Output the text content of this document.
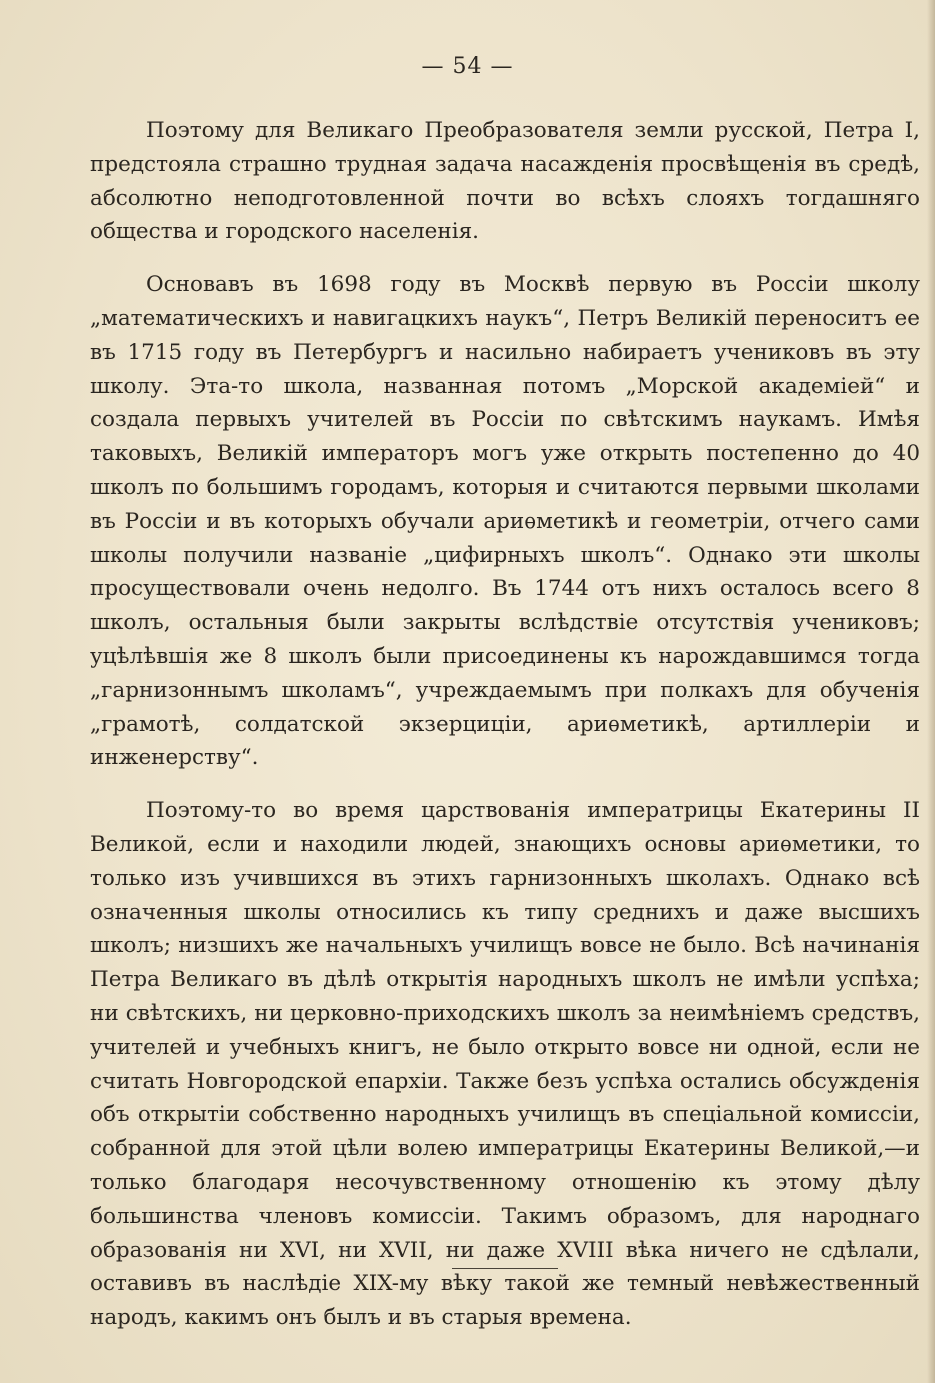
— 54 —

Поэтому для Великаго Преобразователя земли русской, Петра I, предстояла страшно трудная задача насажденія просвѣщенія въ средѣ, абсолютно неподготовленной почти во всѣхъ слояхъ тогдашняго общества и городского населенія.

Основавъ въ 1698 году въ Москвѣ первую въ Россіи школу „математическихъ и навигацкихъ наукъ“, Петръ Великій переноситъ ее въ 1715 году въ Петербургъ и насильно набираетъ учениковъ въ эту школу. Эта-то школа, названная потомъ „Морской академіей“ и создала первыхъ учителей въ Россіи по свѣтскимъ наукамъ. Имѣя таковыхъ, Великій императоръ могъ уже открыть постепенно до 40 школъ по большимъ городамъ, которыя и считаются первыми школами въ Россіи и въ которыхъ обучали ариѳметикѣ и геометріи, отчего сами школы получили названіе „цифирныхъ школъ“. Однако эти школы просуществовали очень недолго. Въ 1744 отъ нихъ осталось всего 8 школъ, остальныя были закрыты вслѣдствіе отсутствія учениковъ; уцѣлѣвшія же 8 школъ были присоединены къ нарождавшимся тогда „гарнизоннымъ школамъ“, учреждаемымъ при полкахъ для обученія „грамотѣ, солдатской экзерциціи, ариѳметикѣ, артиллеріи и инженерству“.

Поэтому-то во время царствованія императрицы Екатерины II Великой, если и находили людей, знающихъ основы ариѳметики, то только изъ учившихся въ этихъ гарнизонныхъ школахъ. Однако всѣ означенныя школы относились къ типу среднихъ и даже высшихъ школъ; низшихъ же начальныхъ училищъ вовсе не было. Всѣ начинанія Петра Великаго въ дѣлѣ открытія народныхъ школъ не имѣли успѣха; ни свѣтскихъ, ни церковно-приходскихъ школъ за неимѣніемъ средствъ, учителей и учебныхъ книгъ, не было открыто вовсе ни одной, если не считать Новгородской епархіи. Также безъ успѣха остались обсужденія объ открытіи собственно народныхъ училищъ въ спеціальной комиссіи, собранной для этой цѣли волею императрицы Екатерины Великой,—и только благодаря несочувственному отношенію къ этому дѣлу большинства членовъ комиссіи. Такимъ образомъ, для народнаго образованія ни XVI, ни XVII, ни даже XVIII вѣка ничего не сдѣлали, оставивъ въ наслѣдіе XIX-му вѣку такой же темный невѣжественный народъ, какимъ онъ былъ и въ старыя времена.
